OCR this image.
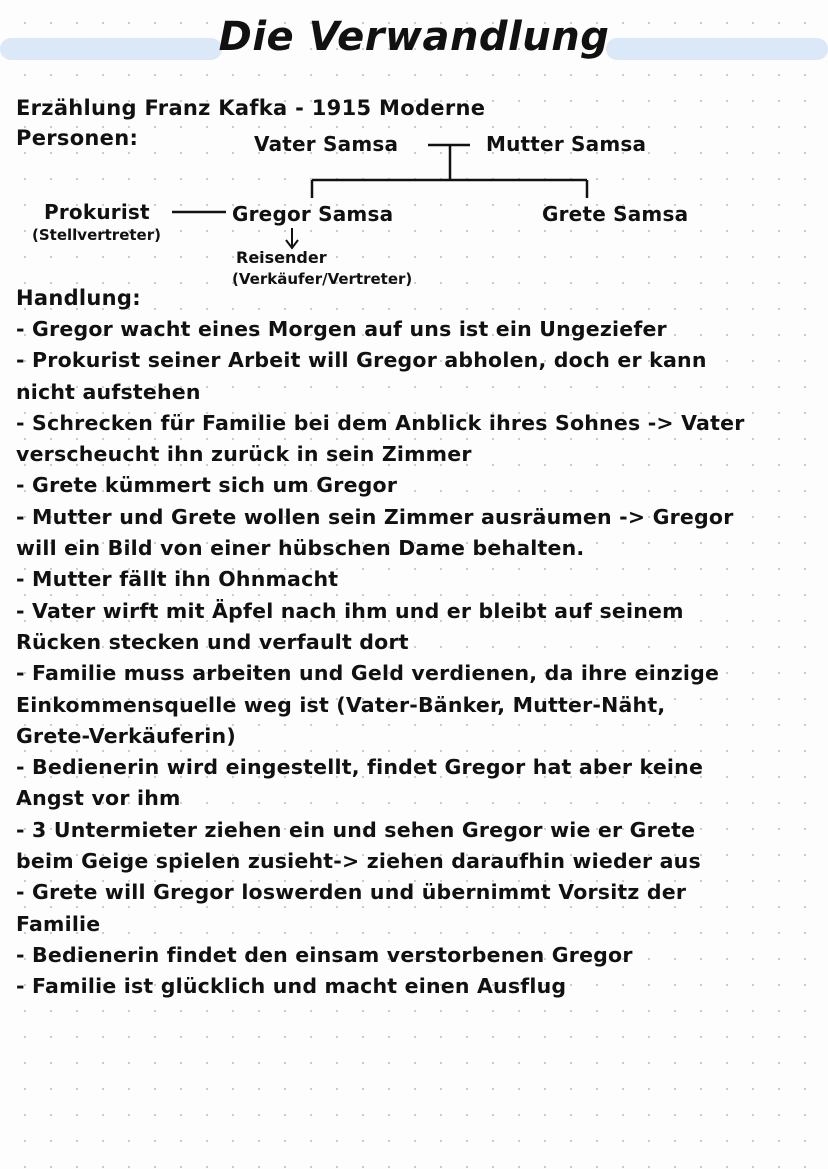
Die Verwandlung
Erzählung Franz Kafka - 1915 Moderne
Personen:	Vater Samsa	Mutter Samsa
Gregor Samsa	Grete Samsa
Prokurist
(Stellvertreter)
Reisender
(Verkäufer/Vertreter)
Handlung:
- Gregor wacht eines Morgen auf uns ist ein Ungeziefer
- Prokurist seiner Arbeit will Gregor abholen, doch er kann
nicht aufstehen
- Schrecken für Familie bei dem Anblick ihres Sohnes -> Vater
verscheucht ihn zurück in sein Zimmer
- Grete kümmert sich um Gregor
- Mutter und Grete wollen sein Zimmer ausräumen -> Gregor
will ein Bild von einer hübschen Dame behalten.
- Mutter fällt ihn Ohnmacht
- Vater wirft mit Äpfel nach ihm und er bleibt auf seinem
Rücken stecken und verfault dort
- Familie muss arbeiten und Geld verdienen, da ihre einzige
Einkommensquelle weg ist (Vater-Bänker, Mutter-Näht,
Grete-Verkäuferin)
- Bedienerin wird eingestellt, findet Gregor hat aber keine
Angst vor ihm
- 3 Untermieter ziehen ein und sehen Gregor wie er Grete
beim Geige spielen zusieht-> ziehen daraufhin wieder aus
- Grete will Gregor loswerden und übernimmt Vorsitz der
Familie
- Bedienerin findet den einsam verstorbenen Gregor
- Familie ist glücklich und macht einen Ausflug
